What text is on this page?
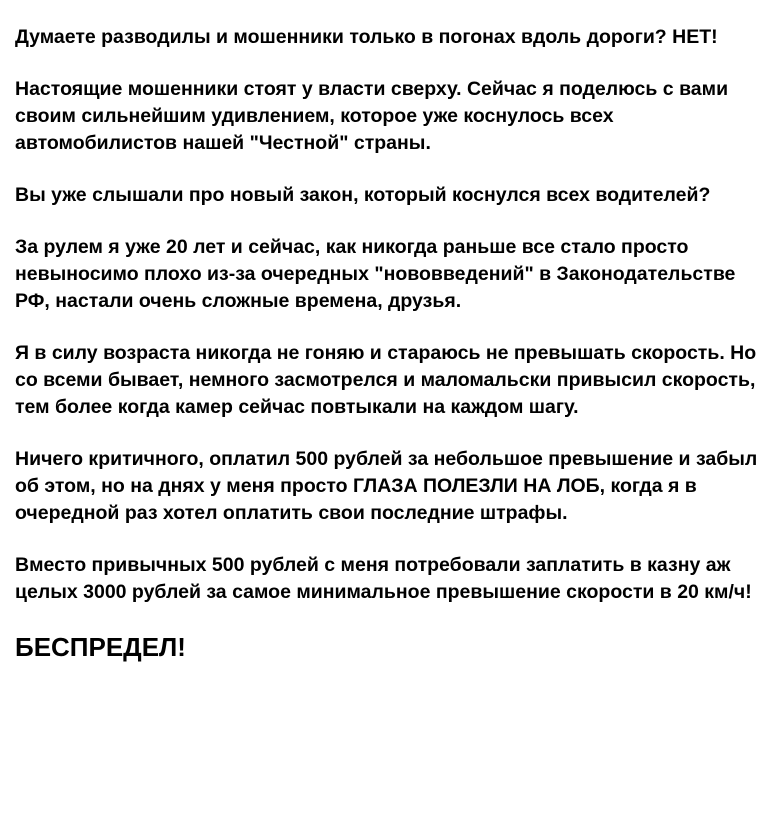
Думаете разводилы и мошенники только в погонах вдоль дороги? НЕТ!

Настоящие мошенники стоят у власти сверху. Сейчас я поделюсь с вами своим сильнейшим удивлением, которое уже коснулось всех автомобилистов нашей "Честной" страны.

Вы уже слышали про новый закон, который коснулся всех водителей?

За рулем я уже 20 лет и сейчас, как никогда раньше все стало просто невыносимо плохо из-за очередных "нововведений" в Законодательстве РФ, настали очень сложные времена, друзья.

Я в силу возраста никогда не гоняю и стараюсь не превышать скорость. Но со всеми бывает, немного засмотрелся и маломальски привысил скорость, тем более когда камер сейчас повтыкали на каждом шагу.

Ничего критичного, оплатил 500 рублей за небольшое превышение и забыл об этом, но на днях у меня просто ГЛАЗА ПОЛЕЗЛИ НА ЛОБ, когда я в очередной раз хотел оплатить свои последние штрафы.

Вместо привычных 500 рублей с меня потребовали заплатить в казну аж целых 3000 рублей за самое минимальное превышение скорости в 20 км/ч!

БЕСПРЕДЕЛ!
